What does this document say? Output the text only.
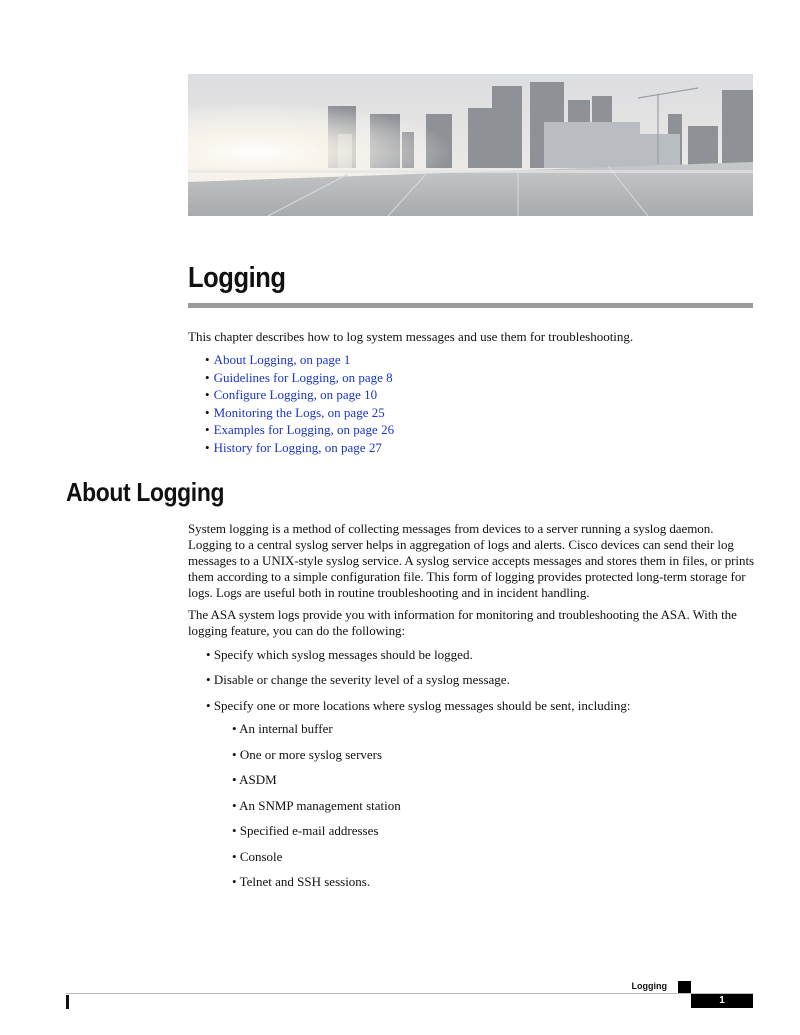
Logging

This chapter describes how to log system messages and use them for troubleshooting.

• About Logging, on page 1
• Guidelines for Logging, on page 8
• Configure Logging, on page 10
• Monitoring the Logs, on page 25
• Examples for Logging, on page 26
• History for Logging, on page 27
About Logging

System logging is a method of collecting messages from devices to a server running a syslog daemon. Logging to a central syslog server helps in aggregation of logs and alerts. Cisco devices can send their log messages to a UNIX-style syslog service. A syslog service accepts messages and stores them in files, or prints them according to a simple configuration file. This form of logging provides protected long-term storage for logs. Logs are useful both in routine troubleshooting and in incident handling.

The ASA system logs provide you with information for monitoring and troubleshooting the ASA. With the logging feature, you can do the following:

• Specify which syslog messages should be logged.
• Disable or change the severity level of a syslog message.
• Specify one or more locations where syslog messages should be sent, including:
• An internal buffer
• One or more syslog servers
• ASDM
• An SNMP management station
• Specified e-mail addresses
• Console
• Telnet and SSH sessions.
Logging
1
